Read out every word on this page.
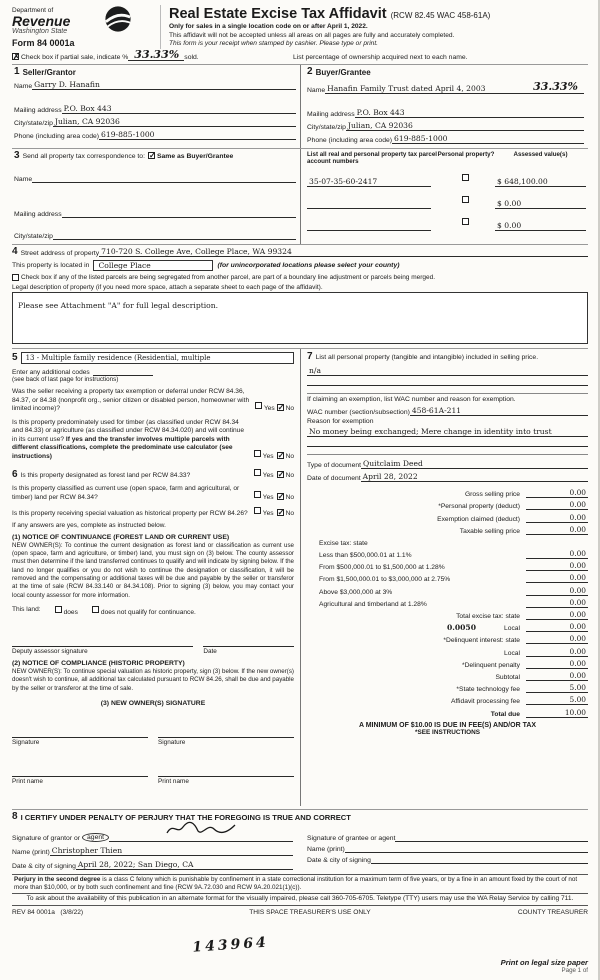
Department of
Revenue
Washington State
Form 84 0001a
Real Estate Excise Tax Affidavit (RCW 82.45 WAC 458-61A)
Only for sales in a single location code on or after April 1, 2022.
This affidavit will not be accepted unless all areas on all pages are fully and accurately completed.
This form is your receipt when stamped by cashier. Please type or print.
✗ Check box if partial sale, indicate % 33.33% sold.	List percentage of ownership acquired next to each name.
1 Seller/Grantor
Name Garry D. Hanafin
Mailing address P.O. Box 443
City/state/zip Julian, CA 92036
Phone (including area code) 619-885-1000
2 Buyer/Grantee
Name Hanafin Family Trust dated April 4, 2003	33.33%
Mailing address P.O. Box 443
City/state/zip Julian, CA 92036
Phone (including area code) 619-885-1000
3 Send all property tax correspondence to: ✓ Same as Buyer/Grantee
Name

Mailing address

City/state/zip

List all real and personal property tax parcel account numbers
Personal property?	Assessed value(s)
35-07-35-60-2417	$ 648,100.00
$ 0.00
$ 0.00
4 Street address of property 710-720 S. College Ave, College Place, WA 99324
This property is located in	College Place	(for unincorporated locations please select your county)
Check box if any of the listed parcels are being segregated from another parcel, are part of a boundary line adjustment or parcels being merged.
Legal description of property (if you need more space, attach a separate sheet to each page of the affidavit).
Please see Attachment "A" for full legal description.
5	13 - Multiple family residence (Residential, multiple
Enter any additional codes

(see back of last page for instructions)
Was the seller receiving a property tax exemption or deferral under RCW 84.36, 84.37, or 84.38 (nonprofit org., senior citizen or disabled person, homeowner with limited income)?	Yes ✓No
Is this property predominately used for timber (as classified under RCW 84.34 and 84.33) or agriculture (as classified under RCW 84.34.020) and will continue in its current use? If yes and the transfer involves multiple parcels with different classifications, complete the predominate use calculator (see instructions)	Yes ✓No
6 Is this property designated as forest land per RCW 84.33?	Yes ✓No
Is this property classified as current use (open space, farm and agricultural, or timber) land per RCW 84.34?	Yes ✓No
Is this property receiving special valuation as historical property per RCW 84.26?	Yes ✓No
If any answers are yes, complete as instructed below.
(1) NOTICE OF CONTINUANCE (FOREST LAND OR CURRENT USE)
NEW OWNER(S): To continue the current designation as forest land or classification as current use (open space, farm and agriculture, or timber) land, you must sign on (3) below. The county assessor must then determine if the land transferred continues to qualify and will indicate by signing below. If the land no longer qualifies or you do not wish to continue the designation or classification, it will be removed and the compensating or additional taxes will be due and payable by the seller or transferor at the time of sale (RCW 84.33.140 or 84.34.108). Prior to signing (3) below, you may contact your local county assessor for more information.
This land:	does	does not qualify for continuance.

Deputy assessor signature
	Date
(2) NOTICE OF COMPLIANCE (HISTORIC PROPERTY)
NEW OWNER(S): To continue special valuation as historic property, sign (3) below. If the new owner(s) doesn't wish to continue, all additional tax calculated pursuant to RCW 84.26, shall be due and payable by the seller or transferor at the time of sale.
(3) NEW OWNER(S) SIGNATURE

Signature
	Signature

Print name
	Print name
7 List all personal property (tangible and intangible) included in selling price.
n/a
If claiming an exemption, list WAC number and reason for exemption.
WAC number (section/subsection) 458-61A-211
Reason for exemption
No money being exchanged; Mere change in identity into trust
Type of document Quitclaim Deed
Date of document April 28, 2022
Gross selling price	0.00
*Personal property (deduct)	0.00
Exemption claimed (deduct)	0.00
Taxable selling price	0.00
Excise tax: state
Less than $500,000.01 at 1.1%	0.00
From $500,000.01 to $1,500,000 at 1.28%	0.00
From $1,500,000.01 to $3,000,000 at 2.75%	0.00
Above $3,000,000 at 3%	0.00
Agricultural and timberland at 1.28%	0.00
Total excise tax: state	0.00
0.0050	Local	0.00
*Delinquent interest: state	0.00
Local	0.00
*Delinquent penalty	0.00
Subtotal	0.00
*State technology fee	5.00
Affidavit processing fee	5.00
Total due	10.00
A MINIMUM OF $10.00 IS DUE IN FEE(S) AND/OR TAX
*SEE INSTRUCTIONS
8 I CERTIFY UNDER PENALTY OF PERJURY THAT THE FOREGOING IS TRUE AND CORRECT
Signature of grantor or	agent
Name (print) Christopher Thien
Date & city of signing April 28, 2022; San Diego, CA
Signature of grantee or agent

Name (print)
Date & city of signing
Perjury in the second degree is a class C felony which is punishable by confinement in a state correctional institution for a maximum term of five years, or by a fine in an amount fixed by the court of not more than $10,000, or by both such confinement and fine (RCW 9A.72.030 and RCW 9A.20.021(1)(c)).
To ask about the availability of this publication in an alternate format for the visually impaired, please call 360-705-6705. Teletype (TTY) users may use the WA Relay Service by calling 711.
REV 84 0001a (3/8/22)	THIS SPACE TREASURER'S USE ONLY	COUNTY TREASURER
143964
Print on legal size paper
Page 1 of
